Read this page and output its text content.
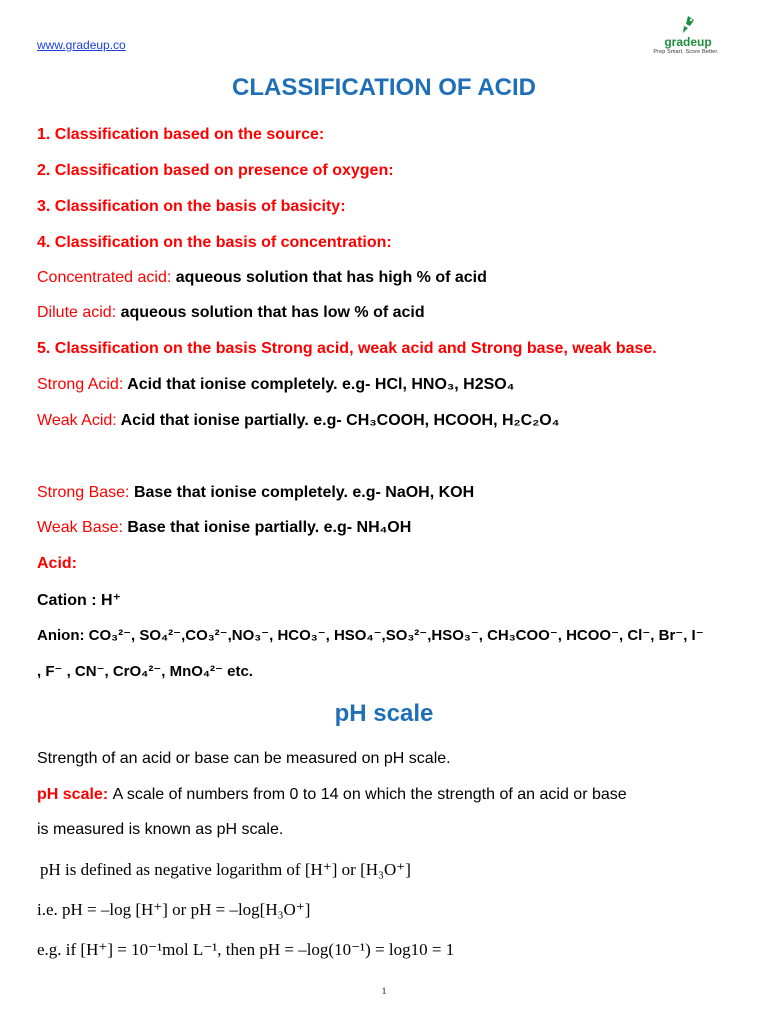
www.gradeup.co	gradeup
Prep Smart. Score Better.
CLASSIFICATION OF ACID
1. Classification based on the source:
2. Classification based on presence of oxygen:
3. Classification on the basis of basicity:
4. Classification on the basis of concentration:
Concentrated acid: aqueous solution that has high % of acid
Dilute acid: aqueous solution that has low % of acid
5. Classification on the basis Strong acid, weak acid and Strong base, weak base.
Strong Acid: Acid that ionise completely. e.g- HCl, HNO₃, H2SO₄
Weak Acid: Acid that ionise partially. e.g- CH₃COOH, HCOOH, H₂C₂O₄
Strong Base: Base that ionise completely. e.g- NaOH, KOH
Weak Base: Base that ionise partially. e.g- NH₄OH
Acid:
Cation : H⁺
Anion: CO₃²⁻, SO₄²⁻,CO₃²⁻,NO₃⁻, HCO₃⁻, HSO₄⁻,SO₃²⁻,HSO₃⁻, CH₃COO⁻, HCOO⁻, Cl⁻, Br⁻, I⁻
, F⁻ , CN⁻, CrO₄²⁻, MnO₄²⁻ etc.
pH scale
Strength of an acid or base can be measured on pH scale.
pH scale: A scale of numbers from 0 to 14 on which the strength of an acid or base
is measured is known as pH scale.
pH is defined as negative logarithm of [H⁺] or [H₃O⁺]
i.e. pH = –log [H⁺] or pH = –log[H₃O⁺]
e.g. if [H⁺] = 10⁻¹mol L⁻¹, then pH = –log(10⁻¹) = log10 = 1
1
